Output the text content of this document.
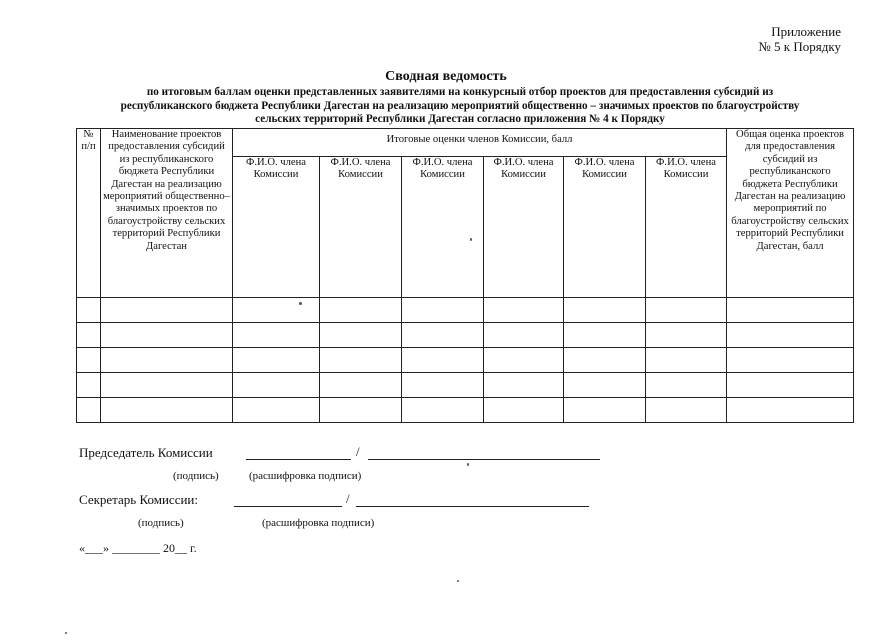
Приложение
№ 5 к Порядку
Сводная ведомость
по итоговым баллам оценки представленных заявителями на конкурсный отбор проектов для предоставления субсидий из республиканского бюджета Республики Дагестан на реализацию мероприятий общественно – значимых проектов по благоустройству сельских территорий Республики Дагестан согласно приложения № 4 к Порядку
№ п/п	Наименование проектов предоставления субсидий из республиканского бюджета Республики Дагестан на реализацию мероприятий общественно– значимых проектов по благоустройству сельских территорий Республики Дагестан	Итоговые оценки членов Комиссии, балл						Общая оценка проектов для предоставления субсидий из республиканского бюджета Республики Дагестан на реализацию мероприятий по благоустройству сельских территорий Республики Дагестан, балл
		Ф.И.О. члена Комиссии	Ф.И.О. члена Комиссии	Ф.И.О. члена Комиссии	Ф.И.О. члена Комиссии	Ф.И.О. члена Комиссии	Ф.И.О. члена Комиссии	

Председатель Комиссии	/
(подпись)	(расшифровка подписи)
Секретарь Комиссии:	/
(подпись)	(расшифровка подписи)
«___» ________ 20__ г.
